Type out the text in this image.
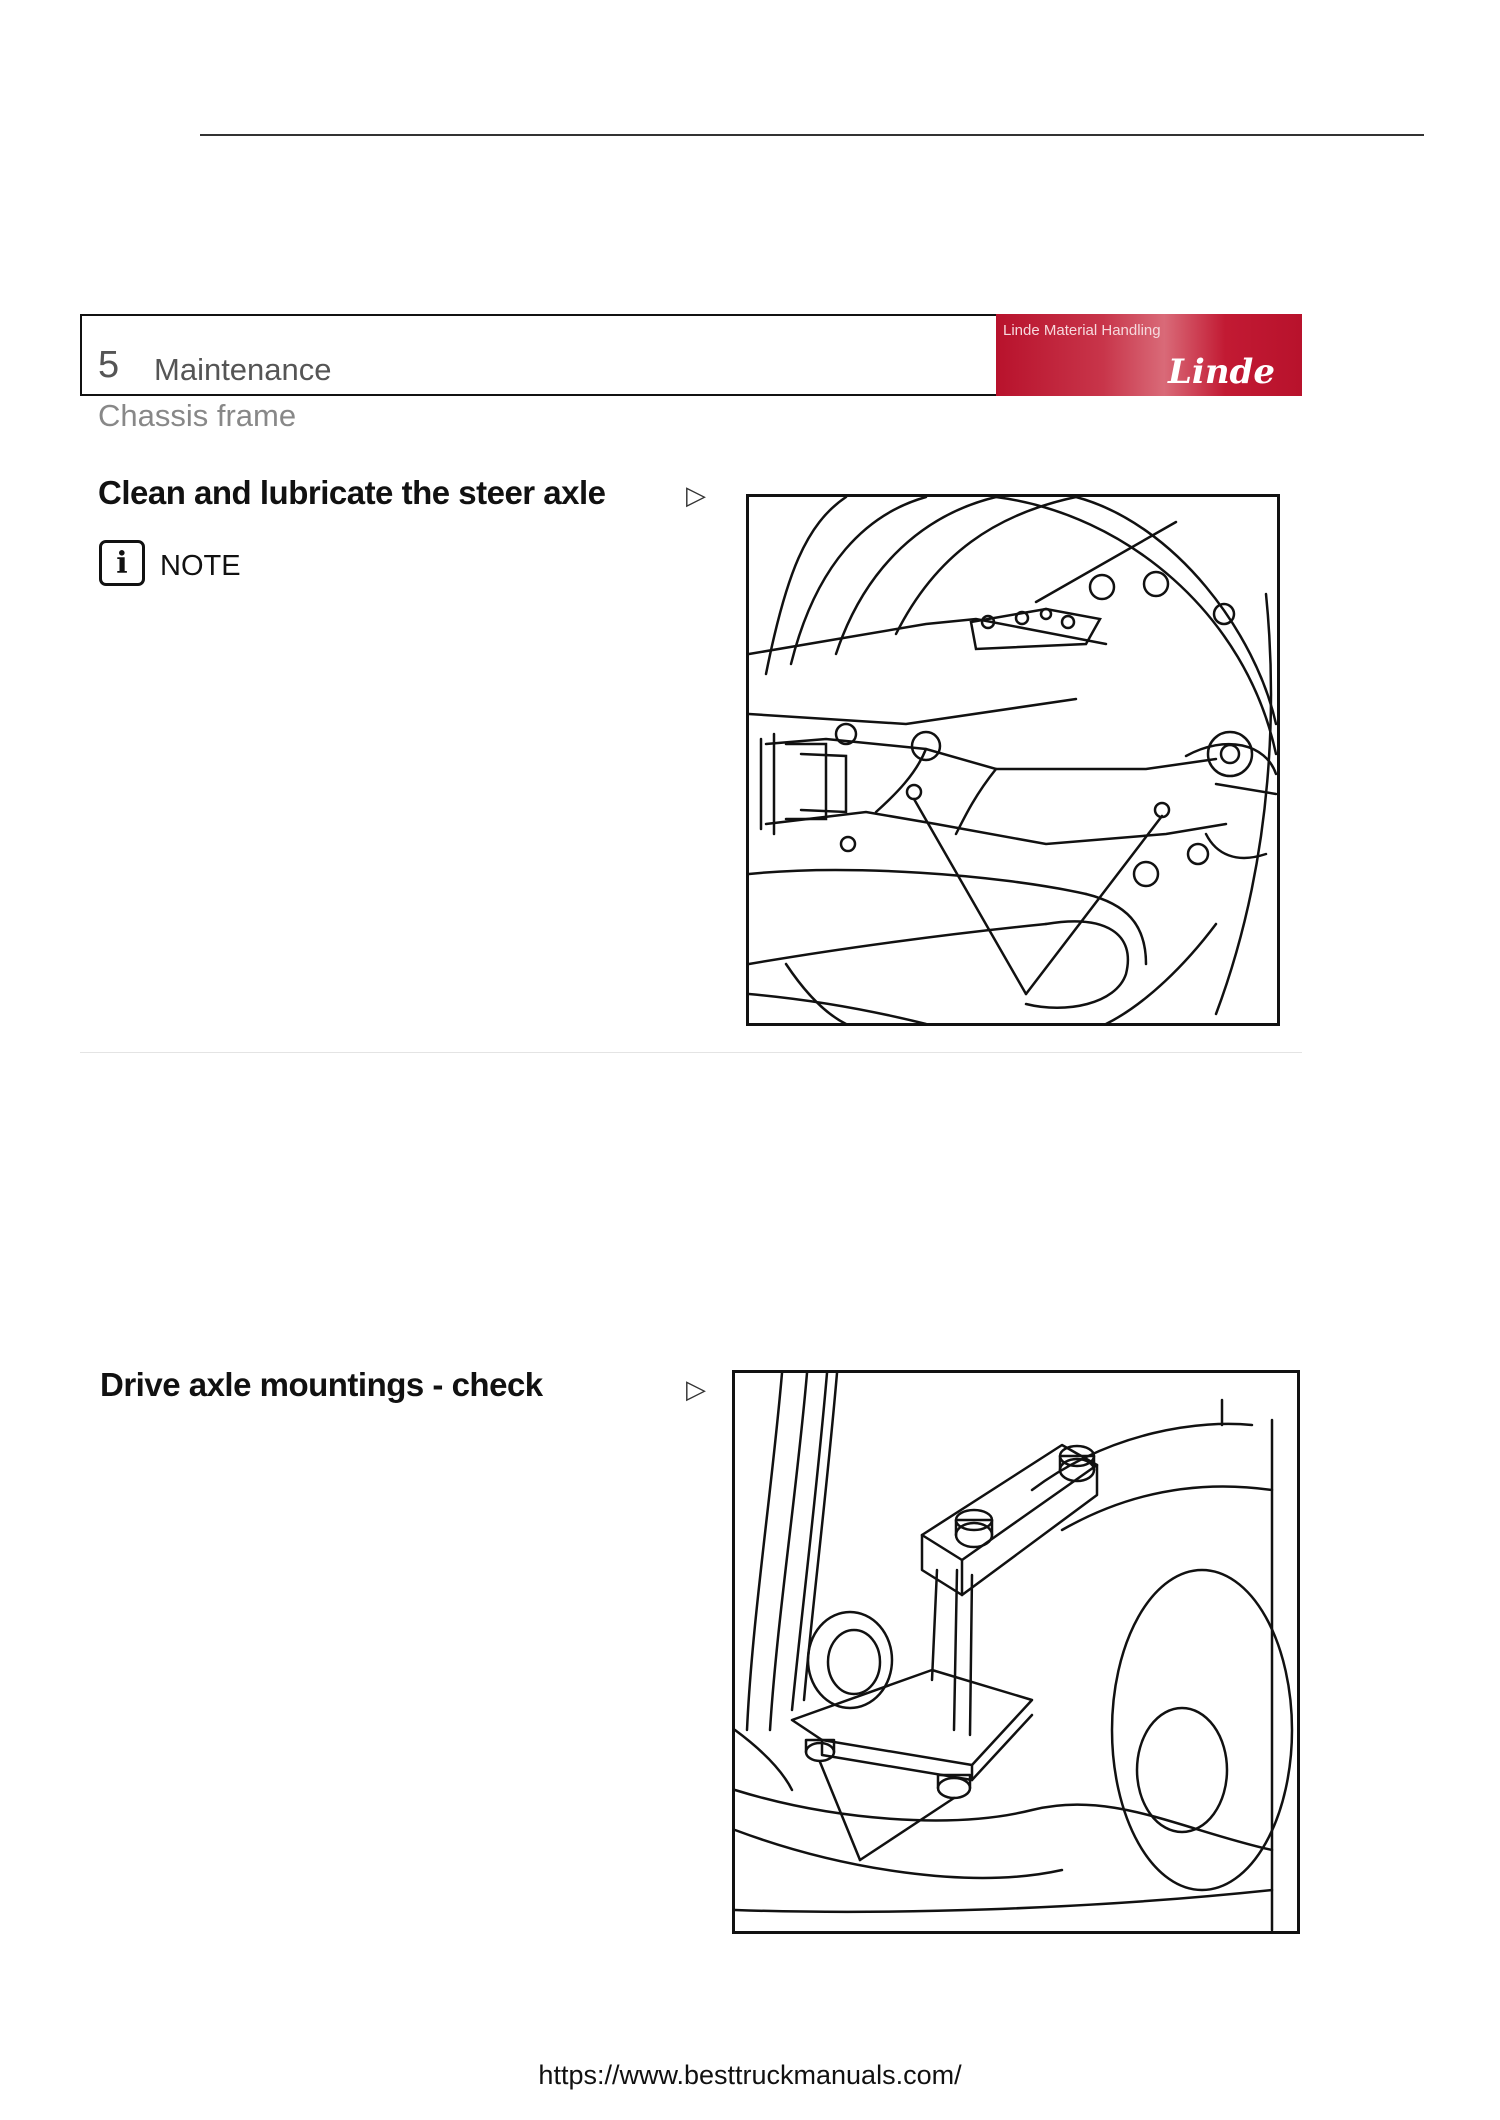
5 Maintenance
Linde Material Handling
Linde
Chassis frame
Clean and lubricate the steer axle	▷
i	NOTE
Drive axle mountings - check	▷
https://www.besttruckmanuals.com/
